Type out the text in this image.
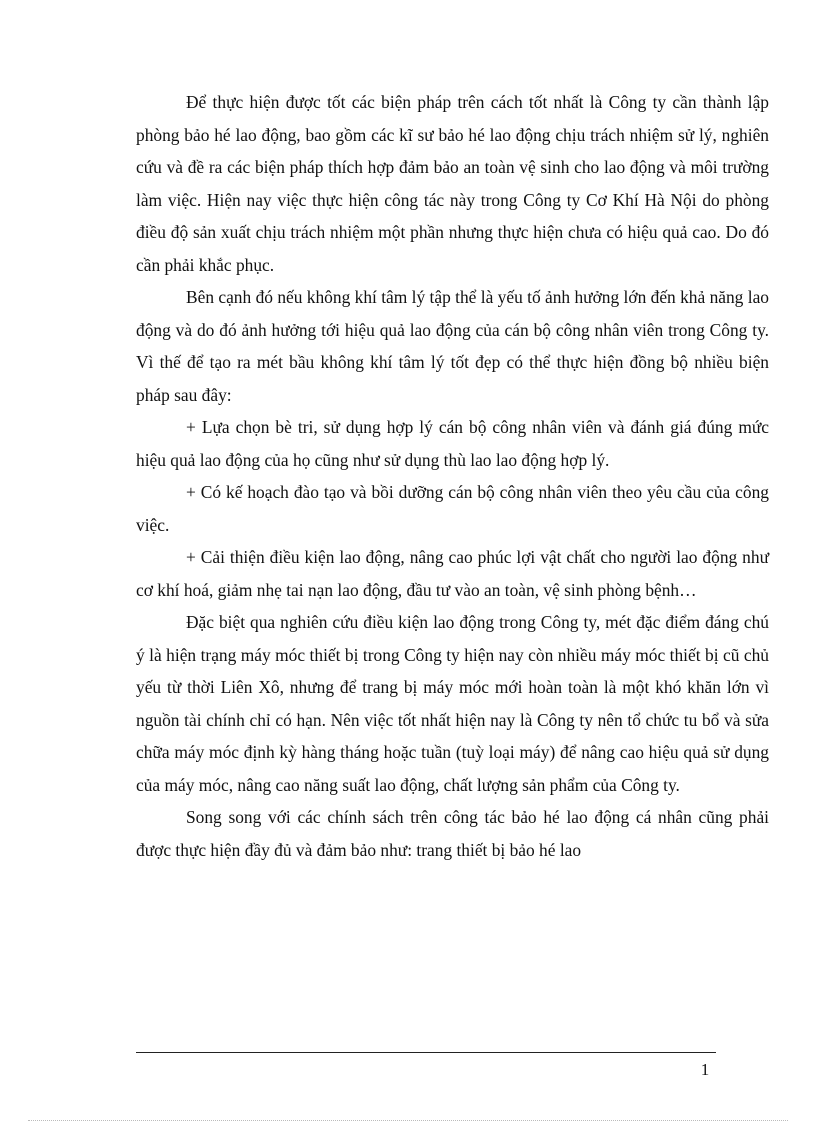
Để thực hiện được tốt các biện pháp trên cách tốt nhất là Công ty cần thành lập phòng bảo hé lao động, bao gồm các kĩ sư bảo hé lao động chịu trách nhiệm sử lý, nghiên cứu và đề ra các biện pháp thích hợp đảm bảo an toàn vệ sinh cho lao động và môi trường làm việc. Hiện nay việc thực hiện công tác này trong Công ty Cơ Khí Hà Nội do phòng điều độ sản xuất chịu trách nhiệm một phần nhưng thực hiện chưa có hiệu quả cao. Do đó cần phải khắc phục.

Bên cạnh đó nếu không khí tâm lý tập thể là yếu tố ảnh hưởng lớn đến khả năng lao động và do đó ảnh hưởng tới hiệu quả lao động của cán bộ công nhân viên trong Công ty. Vì thế để tạo ra mét bầu không khí tâm lý tốt đẹp có thể thực hiện đồng bộ nhiều biện pháp sau đây:

+ Lựa chọn bè tri, sử dụng hợp lý cán bộ công nhân viên và đánh giá đúng mức hiệu quả lao động của họ cũng như sử dụng thù lao lao động hợp lý.

+ Có kế hoạch đào tạo và bồi dưỡng cán bộ công nhân viên theo yêu cầu của công việc.

+ Cải thiện điều kiện lao động, nâng cao phúc lợi vật chất cho người lao động như cơ khí hoá, giảm nhẹ tai nạn lao động, đầu tư vào an toàn, vệ sinh phòng bệnh…

Đặc biệt qua nghiên cứu điều kiện lao động trong Công ty, mét đặc điểm đáng chú ý là hiện trạng máy móc thiết bị trong Công ty hiện nay còn nhiều máy móc thiết bị cũ chủ yếu từ thời Liên Xô, nhưng để trang bị máy móc mới hoàn toàn là một khó khăn lớn vì nguồn tài chính chỉ có hạn. Nên việc tốt nhất hiện nay là Công ty nên tổ chức tu bổ và sửa chữa máy móc định kỳ hàng tháng hoặc tuần (tuỳ loại máy) để nâng cao hiệu quả sử dụng của máy móc, nâng cao năng suất lao động, chất lượng sản phẩm của Công ty.

Song song với các chính sách trên công tác bảo hé lao động cá nhân cũng phải được thực hiện đầy đủ và đảm bảo như: trang thiết bị bảo hé lao

1
